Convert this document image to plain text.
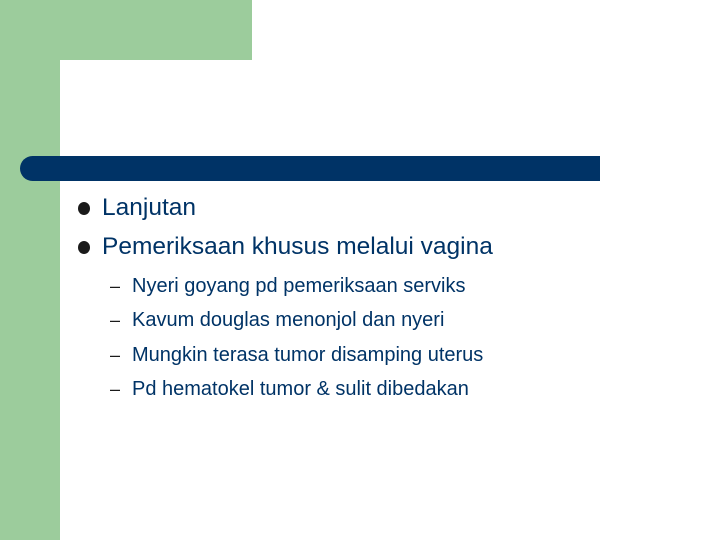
Lanjutan
Pemeriksaan khusus melalui vagina
– Nyeri goyang pd pemeriksaan serviks
– Kavum douglas menonjol dan nyeri
– Mungkin terasa tumor disamping uterus
– Pd hematokel tumor & sulit dibedakan
